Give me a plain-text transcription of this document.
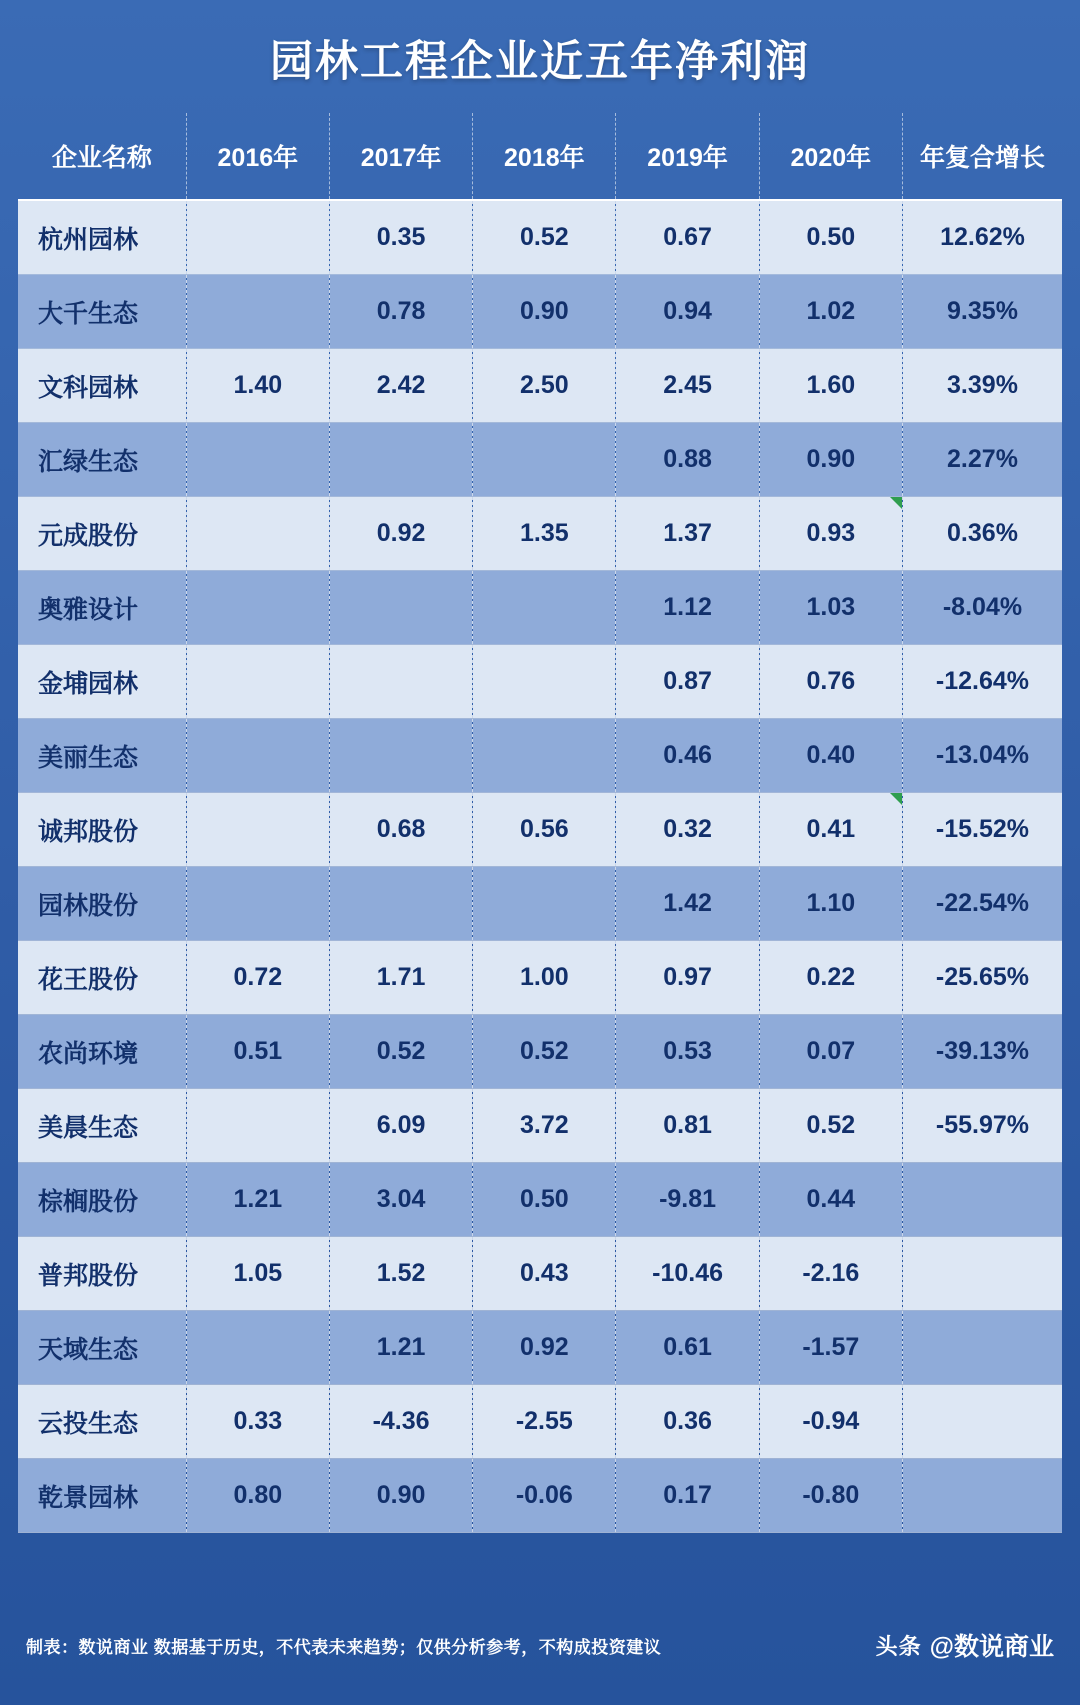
园林工程企业近五年净利润
企业名称	2016年	2017年	2018年	2019年	2020年	年复合增长
杭州园林		0.35	0.52	0.67	0.50	12.62%
大千生态		0.78	0.90	0.94	1.02	9.35%
文科园林	1.40	2.42	2.50	2.45	1.60	3.39%
汇绿生态				0.88	0.90	2.27%
元成股份		0.92	1.35	1.37	0.93	0.36%
奥雅设计				1.12	1.03	-8.04%
金埔园林				0.87	0.76	-12.64%
美丽生态				0.46	0.40	-13.04%
诚邦股份		0.68	0.56	0.32	0.41	-15.52%
园林股份				1.42	1.10	-22.54%
花王股份	0.72	1.71	1.00	0.97	0.22	-25.65%
农尚环境	0.51	0.52	0.52	0.53	0.07	-39.13%
美晨生态		6.09	3.72	0.81	0.52	-55.97%
棕榈股份	1.21	3.04	0.50	-9.81	0.44	
普邦股份	1.05	1.52	0.43	-10.46	-2.16	
天域生态		1.21	0.92	0.61	-1.57	
云投生态	0.33	-4.36	-2.55	0.36	-0.94	
乾景园林	0.80	0.90	-0.06	0.17	-0.80	
制表：数说商业 数据基于历史，不代表未来趋势；仅供分析参考，不构成投资建议	头条 @数说商业
